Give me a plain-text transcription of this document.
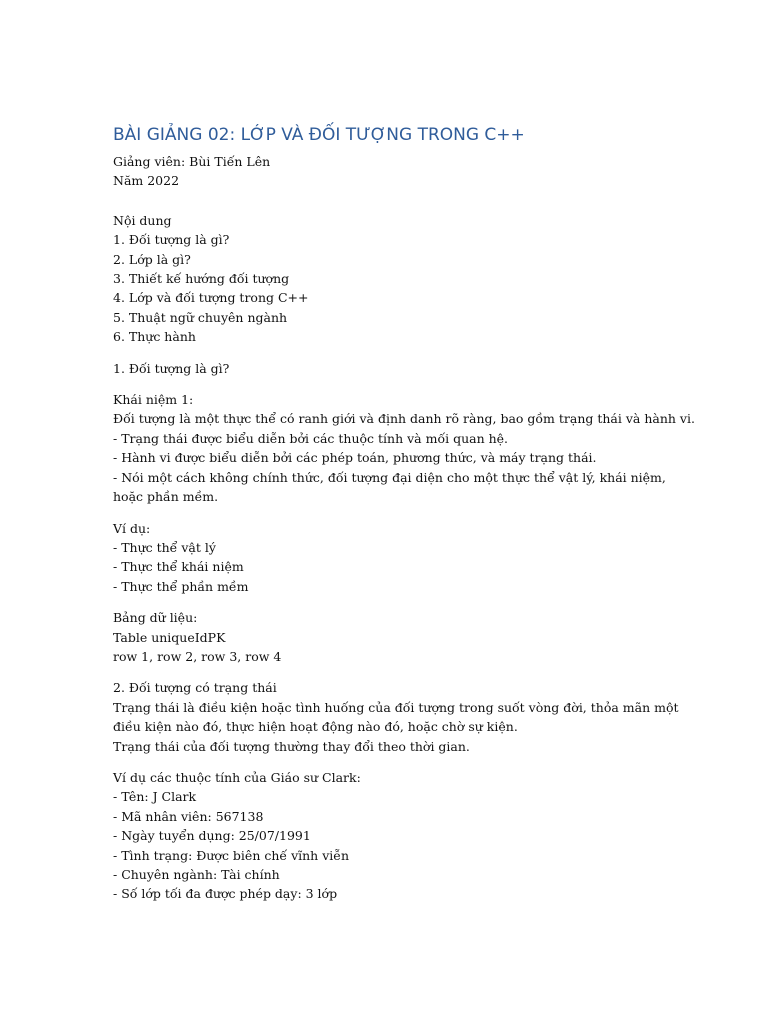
BÀI GIẢNG 02: LỚP VÀ ĐỐI TƯỢNG TRONG C++
Giảng viên: Bùi Tiến Lên
Năm 2022
Nội dung
1. Đối tượng là gì?
2. Lớp là gì?
3. Thiết kế hướng đối tượng
4. Lớp và đối tượng trong C++
5. Thuật ngữ chuyên ngành
6. Thực hành
1. Đối tượng là gì?
Khái niệm 1:
Đối tượng là một thực thể có ranh giới và định danh rõ ràng, bao gồm trạng thái và hành vi.
- Trạng thái được biểu diễn bởi các thuộc tính và mối quan hệ.
- Hành vi được biểu diễn bởi các phép toán, phương thức, và máy trạng thái.
- Nói một cách không chính thức, đối tượng đại diện cho một thực thể vật lý, khái niệm,
hoặc phần mềm.
Ví dụ:
- Thực thể vật lý
- Thực thể khái niệm
- Thực thể phần mềm
Bảng dữ liệu:
Table uniqueIdPK
row 1, row 2, row 3, row 4
2. Đối tượng có trạng thái
Trạng thái là điều kiện hoặc tình huống của đối tượng trong suốt vòng đời, thỏa mãn một
điều kiện nào đó, thực hiện hoạt động nào đó, hoặc chờ sự kiện.
Trạng thái của đối tượng thường thay đổi theo thời gian.
Ví dụ các thuộc tính của Giáo sư Clark:
- Tên: J Clark
- Mã nhân viên: 567138
- Ngày tuyển dụng: 25/07/1991
- Tình trạng: Được biên chế vĩnh viễn
- Chuyên ngành: Tài chính
- Số lớp tối đa được phép dạy: 3 lớp
